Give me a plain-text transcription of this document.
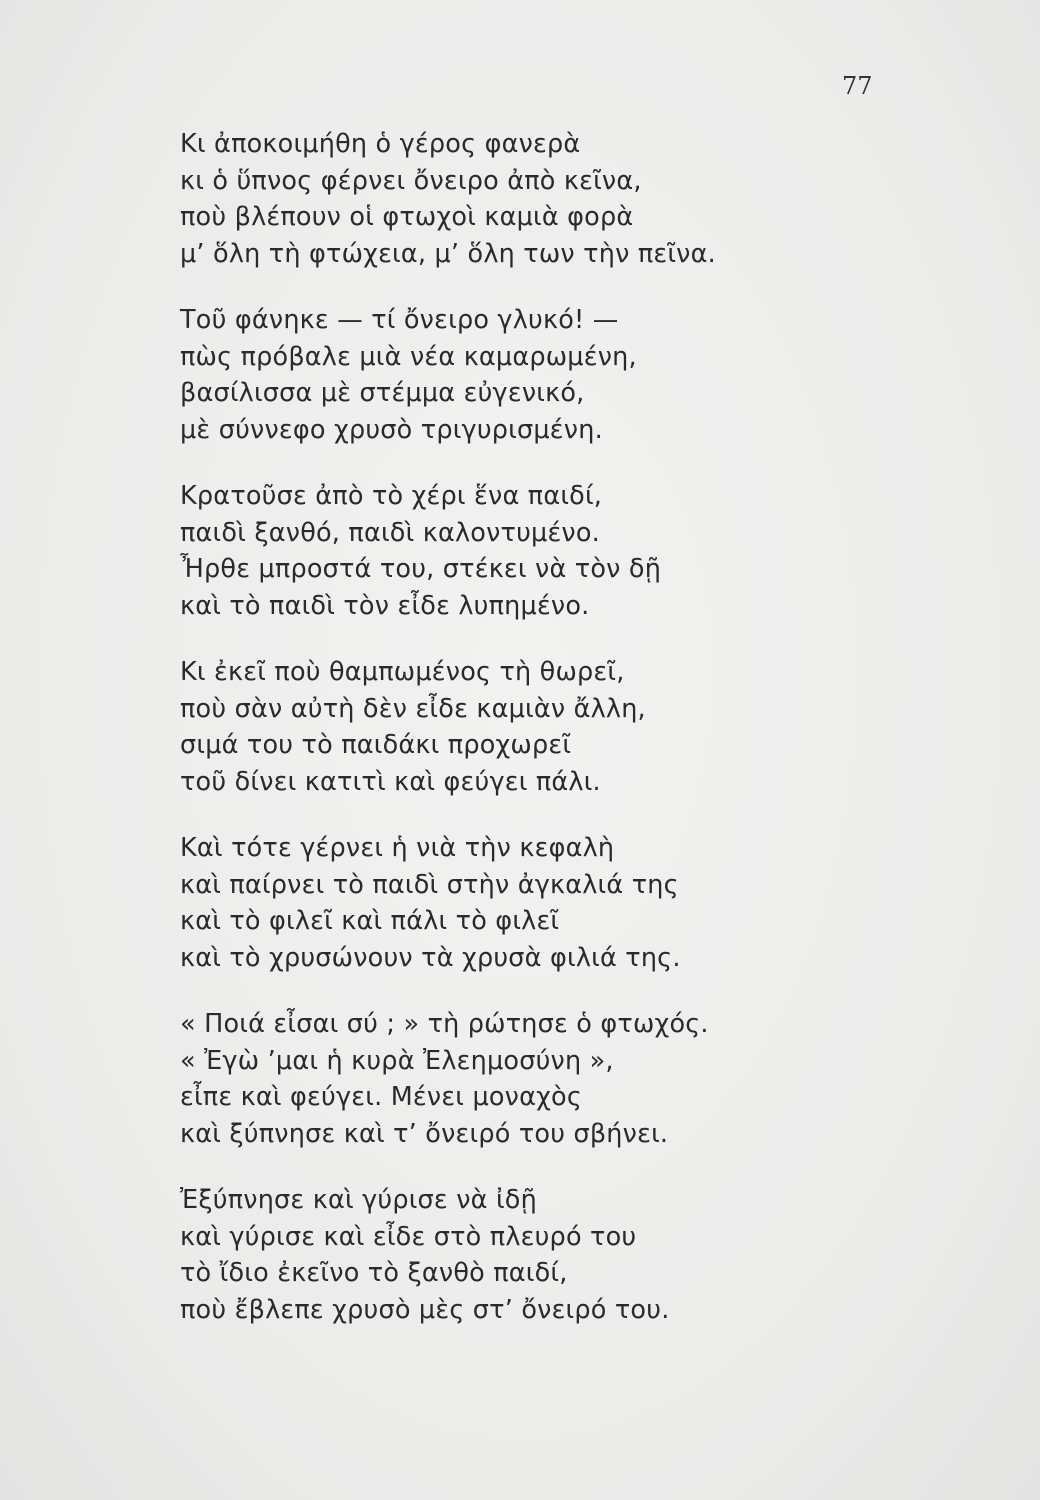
77
Κι ἀποκοιμήθη ὁ γέρος φανερὰ
κι ὁ ὕπνος φέρνει ὄνειρο ἀπὸ κεῖνα,
ποὺ βλέπουν οἱ φτωχοὶ καμιὰ φορὰ
μ’ ὅλη τὴ φτώχεια, μ’ ὅλη των τὴν πεῖνα.
Τοῦ φάνηκε — τί ὄνειρο γλυκό! —
πὼς πρόβαλε μιὰ νέα καμαρωμένη,
βασίλισσα μὲ στέμμα εὐγενικό,
μὲ σύννεφο χρυσὸ τριγυρισμένη.
Κρατοῦσε ἀπὸ τὸ χέρι ἕνα παιδί,
παιδὶ ξανθό, παιδὶ καλοντυμένο.
Ἦρθε μπροστά του, στέκει νὰ τὸν δῇ
καὶ τὸ παιδὶ τὸν εἶδε λυπημένο.
Κι ἐκεῖ ποὺ θαμπωμένος τὴ θωρεῖ,
ποὺ σὰν αὐτὴ δὲν εἶδε καμιὰν ἄλλη,
σιμά του τὸ παιδάκι προχωρεῖ
τοῦ δίνει κατιτὶ καὶ φεύγει πάλι.
Καὶ τότε γέρνει ἡ νιὰ τὴν κεφαλὴ
καὶ παίρνει τὸ παιδὶ στὴν ἀγκαλιά της
καὶ τὸ φιλεῖ καὶ πάλι τὸ φιλεῖ
καὶ τὸ χρυσώνουν τὰ χρυσὰ φιλιά της.
« Ποιά εἶσαι σύ ; » τὴ ρώτησε ὁ φτωχός.
« Ἐγὼ ’μαι ἡ κυρὰ Ἐλεημοσύνη »,
εἶπε καὶ φεύγει. Μένει μοναχὸς
καὶ ξύπνησε καὶ τ’ ὄνειρό του σβήνει.
Ἐξύπνησε καὶ γύρισε νὰ ἰδῇ
καὶ γύρισε καὶ εἶδε στὸ πλευρό του
τὸ ἴδιο ἐκεῖνο τὸ ξανθὸ παιδί,
ποὺ ἔβλεπε χρυσὸ μὲς στ’ ὄνειρό του.
